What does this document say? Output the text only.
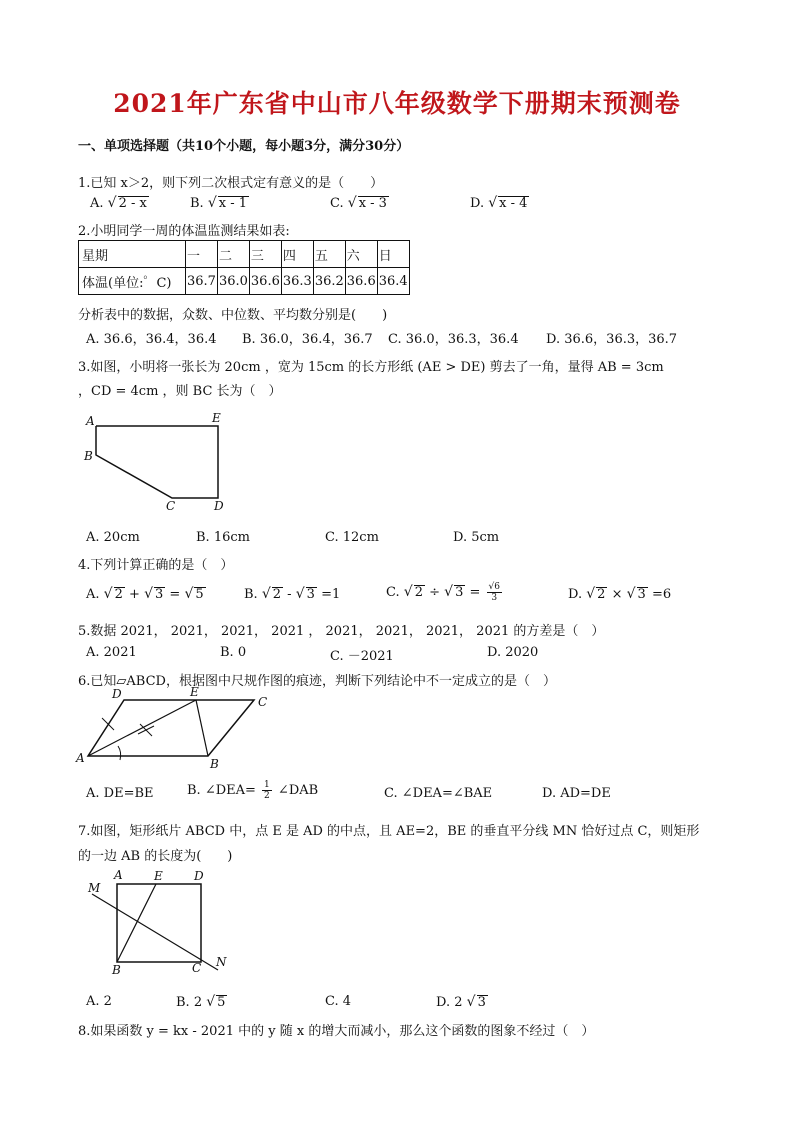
2021年广东省中山市八年级数学下册期末预测卷
一、单项选择题（共10个小题，每小题3分，满分30分）
1.已知 x＞2，则下列二次根式定有意义的是（　　）
A. √ 2 - x	B. √ x - 1	C. √ x - 3	D. √ x - 4
2.小明同学一周的体温监测结果如表:
星期	一	二	三	四	五	六	日
体温(单位:゜C)	36.7	36.0	36.6	36.3	36.2	36.6	36.4
分析表中的数据，众数、中位数、平均数分别是(　　)
A. 36.6，36.4，36.4 B. 36.0，36.4，36.7 C. 36.0，36.3，36.4 D. 36.6，36.3，36.7
3.如图，小明将一张长为 20cm ，宽为 15cm 的长方形纸 (AE > DE) 剪去了一角，量得 AB = 3cm
，CD = 4cm ，则 BC 长为（　）
A	E
B
C	D
A. 20cm	B. 16cm	C. 12cm	D. 5cm
4.下列计算正确的是（　）
A. √ 2 + √ 3 = √ 5	B. √ 2 - √ 3 =1	C. √ 2 ÷ √ $3 = \frac{√6}{3}$	D. √ 2 × √ 3 =6
5.数据 2021， 2021， 2021， 2021 ， 2021， 2021， 2021， 2021 的方差是（　）
A. 2021	B. 0	C. －2021	D. 2020
6.已知▱ABCD，根据图中尺规作图的痕迹，判断下列结论中不一定成立的是（　）
A	B
C
D	E
A. DE=BE	B. ∠DEA= $\frac{1}{2}$ ∠DAB	C. ∠DEA=∠BAE	D. AD=DE
7.如图，矩形纸片 ABCD 中，点 E 是 AD 的中点，且 AE=2，BE 的垂直平分线 MN 恰好过点 C，则矩形
的一边 AB 的长度为(　　)
M
A	E	D
B	C N
A. 2	B. 2 √ 5	C. 4	D. 2 √ 3
8.如果函数 y = kx - 2021 中的 y 随 x 的增大而减小，那么这个函数的图象不经过（　）
